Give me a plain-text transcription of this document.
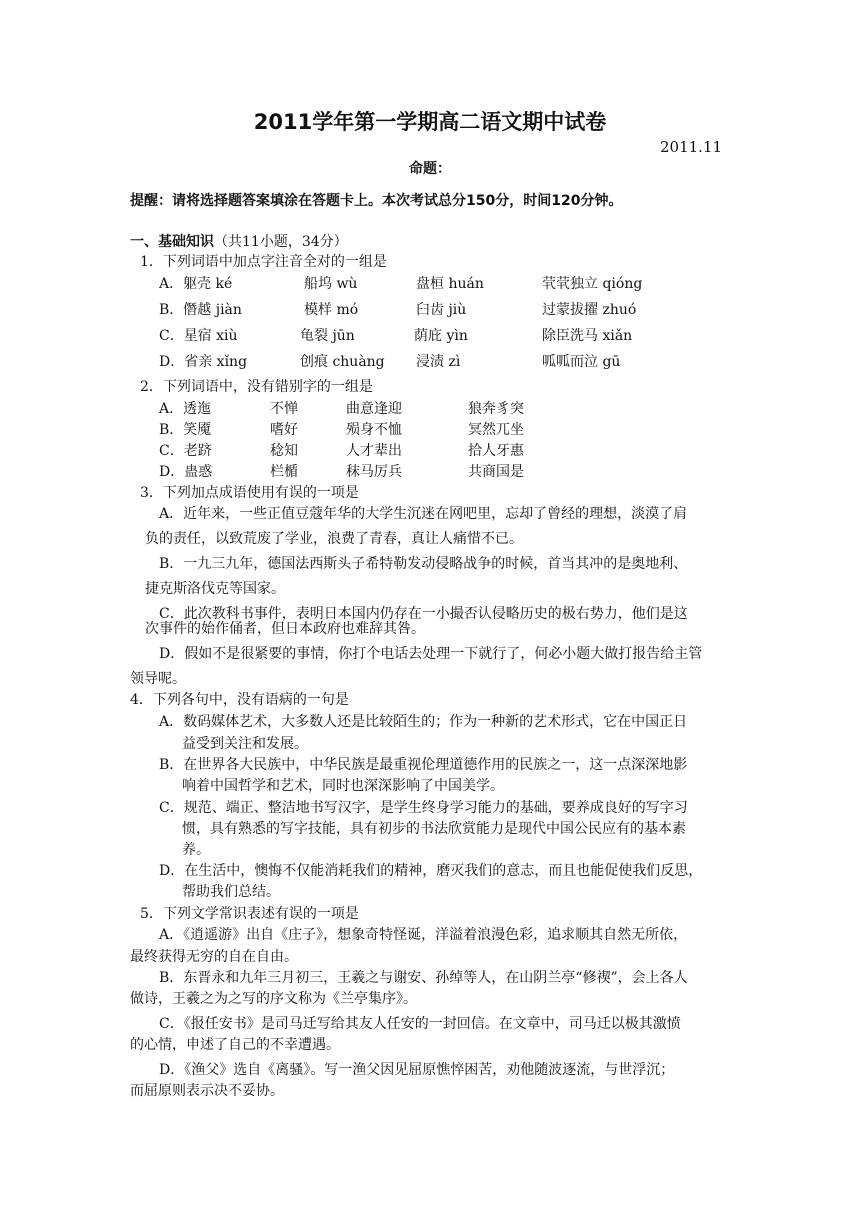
2011学年第一学期高二语文期中试卷
2011.11
命题：
提醒：请将选择题答案填涂在答题卡上。本次考试总分150分，时间120分钟。
一、基础知识（共11小题，34分）
1．下列词语中加点字注音全对的一组是
A．躯壳 ké	船坞 wù	盘桓 huán	茕茕独立 qióng
B．僭越 jiàn	模样 mó	臼齿 jiù	过蒙拔擢 zhuó
C．星宿 xiù	龟裂 jūn	荫庇 yìn	除臣洗马 xiǎn
D．省亲 xǐng	创痕 chuàng 浸渍 zì	呱呱而泣 gū
2．下列词语中，没有错别字的一组是
A．透迤	不惮	曲意逢迎	狼奔豸突
B．笑魇	嗜好	殒身不恤	冥然兀坐
C．老跻	稔知	人才辈出	拾人牙惠
D．蛊惑	栏楯	秣马厉兵	共商国是
3．下列加点成语使用有误的一项是
A．近年来，一些正值豆蔻年华的大学生沉迷在网吧里，忘却了曾经的理想，淡漠了肩
负的责任，以致荒废了学业，浪费了青春，真让人痛惜不已。
B．一九三九年，德国法西斯头子希特勒发动侵略战争的时候，首当其冲的是奥地利、
捷克斯洛伐克等国家。
C．此次教科书事件，表明日本国内仍存在一小撮否认侵略历史的极右势力，他们是这
次事件的始作俑者，但日本政府也难辞其咎。
D．假如不是很紧要的事情，你打个电话去处理一下就行了，何必小题大做打报告给主管
领导呢。
4．下列各句中，没有语病的一句是
A．数码媒体艺术，大多数人还是比较陌生的；作为一种新的艺术形式，它在中国正日
益受到关注和发展。
B．在世界各大民族中，中华民族是最重视伦理道德作用的民族之一，这一点深深地影
响着中国哲学和艺术，同时也深深影响了中国美学。
C．规范、端正、整洁地书写汉字，是学生终身学习能力的基础，要养成良好的写字习
惯，具有熟悉的写字技能，具有初步的书法欣赏能力是现代中国公民应有的基本素
养。
D．在生活中，懊悔不仅能消耗我们的精神，磨灭我们的意志，而且也能促使我们反思，
帮助我们总结。
5．下列文学常识表述有误的一项是
A．《逍遥游》出自《庄子》，想象奇特怪诞，洋溢着浪漫色彩，追求顺其自然无所依，
最终获得无穷的自在自由。
B．东晋永和九年三月初三，王羲之与谢安、孙绰等人，在山阴兰亭“修禊”，会上各人
做诗，王羲之为之写的序文称为《兰亭集序》。
C．《报任安书》是司马迁写给其友人任安的一封回信。在文章中，司马迁以极其激愤
的心情，申述了自己的不幸遭遇。
D．《渔父》选自《离骚》。写一渔父因见屈原憔悴困苦，劝他随波逐流，与世浮沉；
而屈原则表示决不妥协。
